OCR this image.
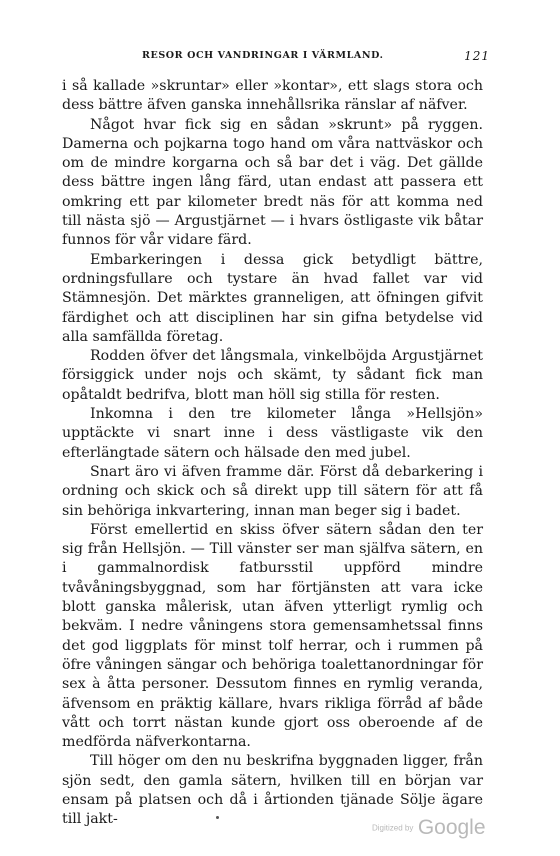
RESOR OCH VANDRINGAR I VÄRMLAND.	121

i så kallade »skruntar» eller »kontar», ett slags stora och dess bättre äfven ganska innehållsrika ränslar af näfver.

Något hvar fick sig en sådan »skrunt» på ryggen. Damerna och pojkarna togo hand om våra nattväskor och om de mindre korgarna och så bar det i väg. Det gällde dess bättre ingen lång färd, utan endast att passera ett omkring ett par kilometer bredt näs för att komma ned till nästa sjö — Argustjärnet — i hvars östligaste vik båtar funnos för vår vidare färd.

Embarkeringen i dessa gick betydligt bättre, ordningsfullare och tystare än hvad fallet var vid Stämnesjön. Det märktes granneligen, att öfningen gifvit färdighet och att disciplinen har sin gifna betydelse vid alla samfällda företag.

Rodden öfver det långsmala, vinkelböjda Argustjärnet försiggick under nojs och skämt, ty sådant fick man opåtaldt bedrifva, blott man höll sig stilla för resten.

Inkomna i den tre kilometer långa »Hellsjön» upptäckte vi snart inne i dess västligaste vik den efterlängtade sätern och hälsade den med jubel.

Snart äro vi äfven framme där. Först då debarkering i ordning och skick och så direkt upp till sätern för att få sin behöriga inkvartering, innan man beger sig i badet.

Först emellertid en skiss öfver sätern sådan den ter sig från Hellsjön. — Till vänster ser man själfva sätern, en i gammalnordisk fatbursstil uppförd mindre tvåvåningsbyggnad, som har förtjänsten att vara icke blott ganska målerisk, utan äfven ytterligt rymlig och bekväm. I nedre våningens stora gemensamhetssal finns det god liggplats för minst tolf herrar, och i rummen på öfre våningen sängar och behöriga toalettanordningar för sex à åtta personer. Dessutom finnes en rymlig veranda, äfvensom en präktig källare, hvars rikliga förråd af både vått och torrt nästan kunde gjort oss oberoende af de medförda näfverkontarna.

Till höger om den nu beskrifna byggnaden ligger, från sjön sedt, den gamla sätern, hvilken till en början var ensam på platsen och då i årtionden tjänade Sölje ägare till jakt-

Digitized by Google
